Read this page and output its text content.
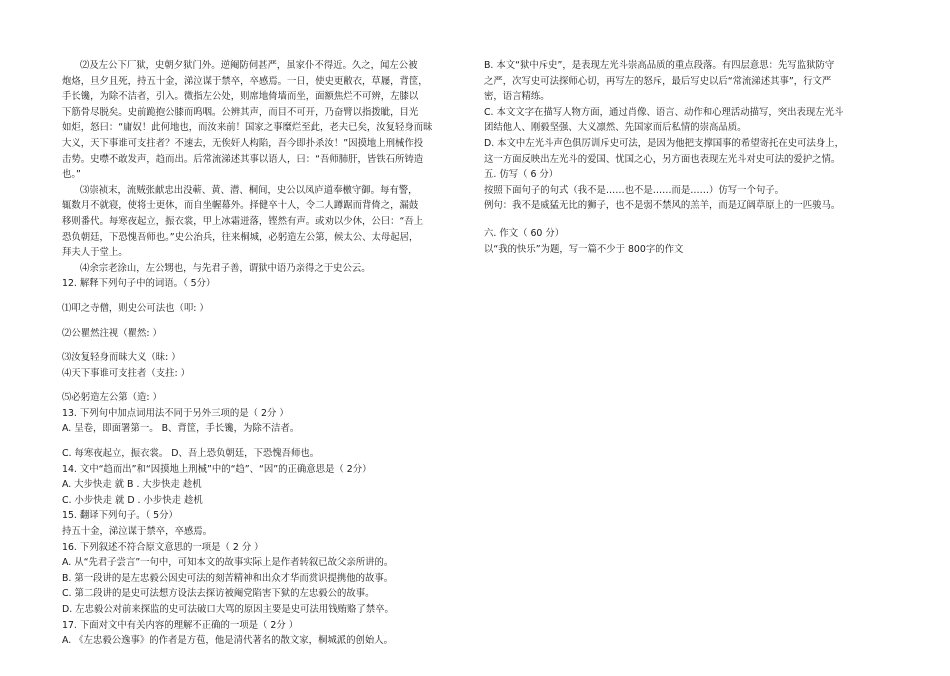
⑵及左公下厂狱，史朝夕狱门外。逆阉防伺甚严，虽家仆不得近。久之，闻左公被
炮烙，旦夕且死，持五十金，涕泣谋于禁卒，卒感焉。一日，使史更敝衣，草屦，背筐，
手长镵，为除不洁者，引入。微指左公处，则席地倚墙而坐，面额焦烂不可辨，左膝以
下筋骨尽脱矣。史前跪抱公膝而呜咽。公辨其声，而目不可开，乃奋臂以指拨眦，目光
如炬，怒曰：“庸奴！此何地也，而汝来前！国家之事糜烂至此，老夫已矣，汝复轻身而昧
大义，天下事谁可支拄者？不速去，无俟奸人构陷，吾今即扑杀汝！”因摸地上刑械作投
击势。史噤不敢发声，趋而出。后常流涕述其事以语人，曰：“吾师肺肝，皆铁石所铸造
也。”
⑶崇祯末，流贼张献忠出没蕲、黄、潜、桐间，史公以凤庐道奉檄守御。每有警，
辄数月不就寝，使将士更休，而自坐幄幕外。择健卒十人，令二人蹲踞而背倚之，漏鼓
移则番代。每寒夜起立，振衣裳，甲上冰霜迸落，铿然有声。或劝以少休，公曰：“吾上
恐负朝廷，下恐愧吾师也。”史公治兵，往来桐城，必躬造左公第，候太公、太母起居，
拜夫人于堂上。
⑷余宗老涂山，左公甥也，与先君子善，谓狱中语乃亲得之于史公云。
12. 解释下列句子中的词语。（ 5分）
⑴叩之寺僧，则史公可法也（叩: ）
⑵公瞿然注视（瞿然: ）
⑶汝复轻身而昧大义（昧: ）
⑷天下事谁可支拄者（支拄: ）
⑸必躬造左公第（造: ）
13. 下列句中加点词用法不同于另外三项的是（ 2分 ）
A. 呈卷，即面署第一。 B、背筐，手长镵，为除不洁者。
C. 每寒夜起立，振衣裳。 D、吾上恐负朝廷，下恐愧吾师也。
14. 文中“趋而出”和“因摸地上刑械”中的“趋”、“因”的正确意思是（ 2分）
A. 大步快走 就 B . 大步快走 趁机
C. 小步快走 就 D . 小步快走 趁机
15. 翻译下列句子。（ 5分）
持五十金，涕泣谋于禁卒，卒感焉。
16. 下列叙述不符合原文意思的一项是（ 2 分 ）
A. 从“先君子尝言”一句中，可知本文的故事实际上是作者转叙已故父亲所讲的。
B. 第一段讲的是左忠毅公因史可法的刻苦精神和出众才华而赏识提携他的故事。
C. 第二段讲的是史可法想方设法去探访被阉党陷害下狱的左忠毅公的故事。
D. 左忠毅公对前来探监的史可法破口大骂的原因主要是史可法用钱贿赂了禁卒。
17. 下面对文中有关内容的理解不正确的一项是（ 2分 ）
A. 《左忠毅公逸事》的作者是方苞，他是清代著名的散文家，桐城派的创始人。
B. 本文“狱中斥史”，是表现左光斗崇高品质的重点段落。有四层意思：先写监狱防守
之严，次写史可法探师心切，再写左的怒斥，最后写史以后“常流涕述其事”，行文严
密，语言精练。
C. 本文文字在描写人物方面，通过肖像、语言、动作和心理活动描写，突出表现左光斗
团结他人、刚毅坚强、大义凛然、先国家而后私情的崇高品质。
D. 本文中左光斗声色俱厉训斥史可法，是因为他把支撑国事的希望寄托在史可法身上，
这一方面反映出左光斗的爱国、忧国之心，另方面也表现左光斗对史可法的爱护之情。
五. 仿写（ 6 分）
按照下面句子的句式（我不是……也不是……而是……）仿写一个句子。
例句：我不是威猛无比的狮子，也不是弱不禁风的羔羊，而是辽阔草原上的一匹骏马。
六. 作文（ 60 分）
以“我的快乐”为题，写一篇不少于 800字的作文
